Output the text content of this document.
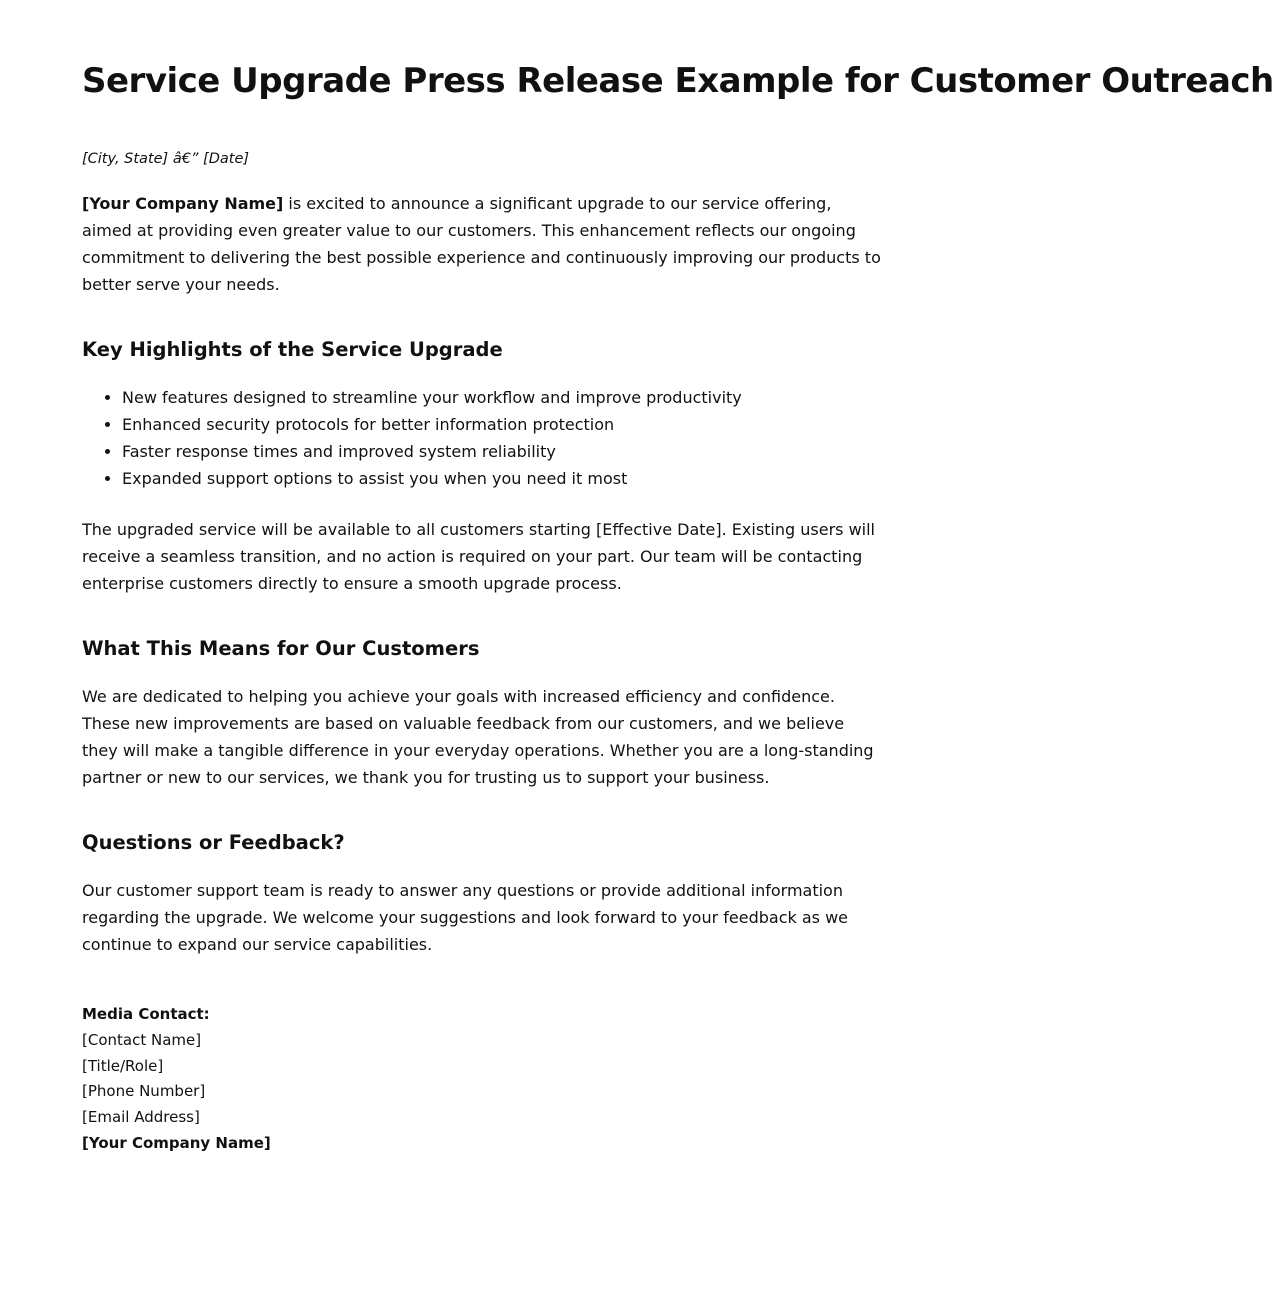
Service Upgrade Press Release Example for Customer Outreach

[City, State] â€” [Date]

[Your Company Name] is excited to announce a significant upgrade to our service offering, aimed at providing even greater value to our customers. This enhancement reflects our ongoing commitment to delivering the best possible experience and continuously improving our products to better serve your needs.

Key Highlights of the Service Upgrade
• New features designed to streamline your workflow and improve productivity
• Enhanced security protocols for better information protection
• Faster response times and improved system reliability
• Expanded support options to assist you when you need it most

The upgraded service will be available to all customers starting [Effective Date]. Existing users will receive a seamless transition, and no action is required on your part. Our team will be contacting enterprise customers directly to ensure a smooth upgrade process.

What This Means for Our Customers

We are dedicated to helping you achieve your goals with increased efficiency and confidence. These new improvements are based on valuable feedback from our customers, and we believe they will make a tangible difference in your everyday operations. Whether you are a long-standing partner or new to our services, we thank you for trusting us to support your business.

Questions or Feedback?

Our customer support team is ready to answer any questions or provide additional information regarding the upgrade. We welcome your suggestions and look forward to your feedback as we continue to expand our service capabilities.

Media Contact:
[Contact Name]
[Title/Role]
[Phone Number]
[Email Address]
[Your Company Name]
